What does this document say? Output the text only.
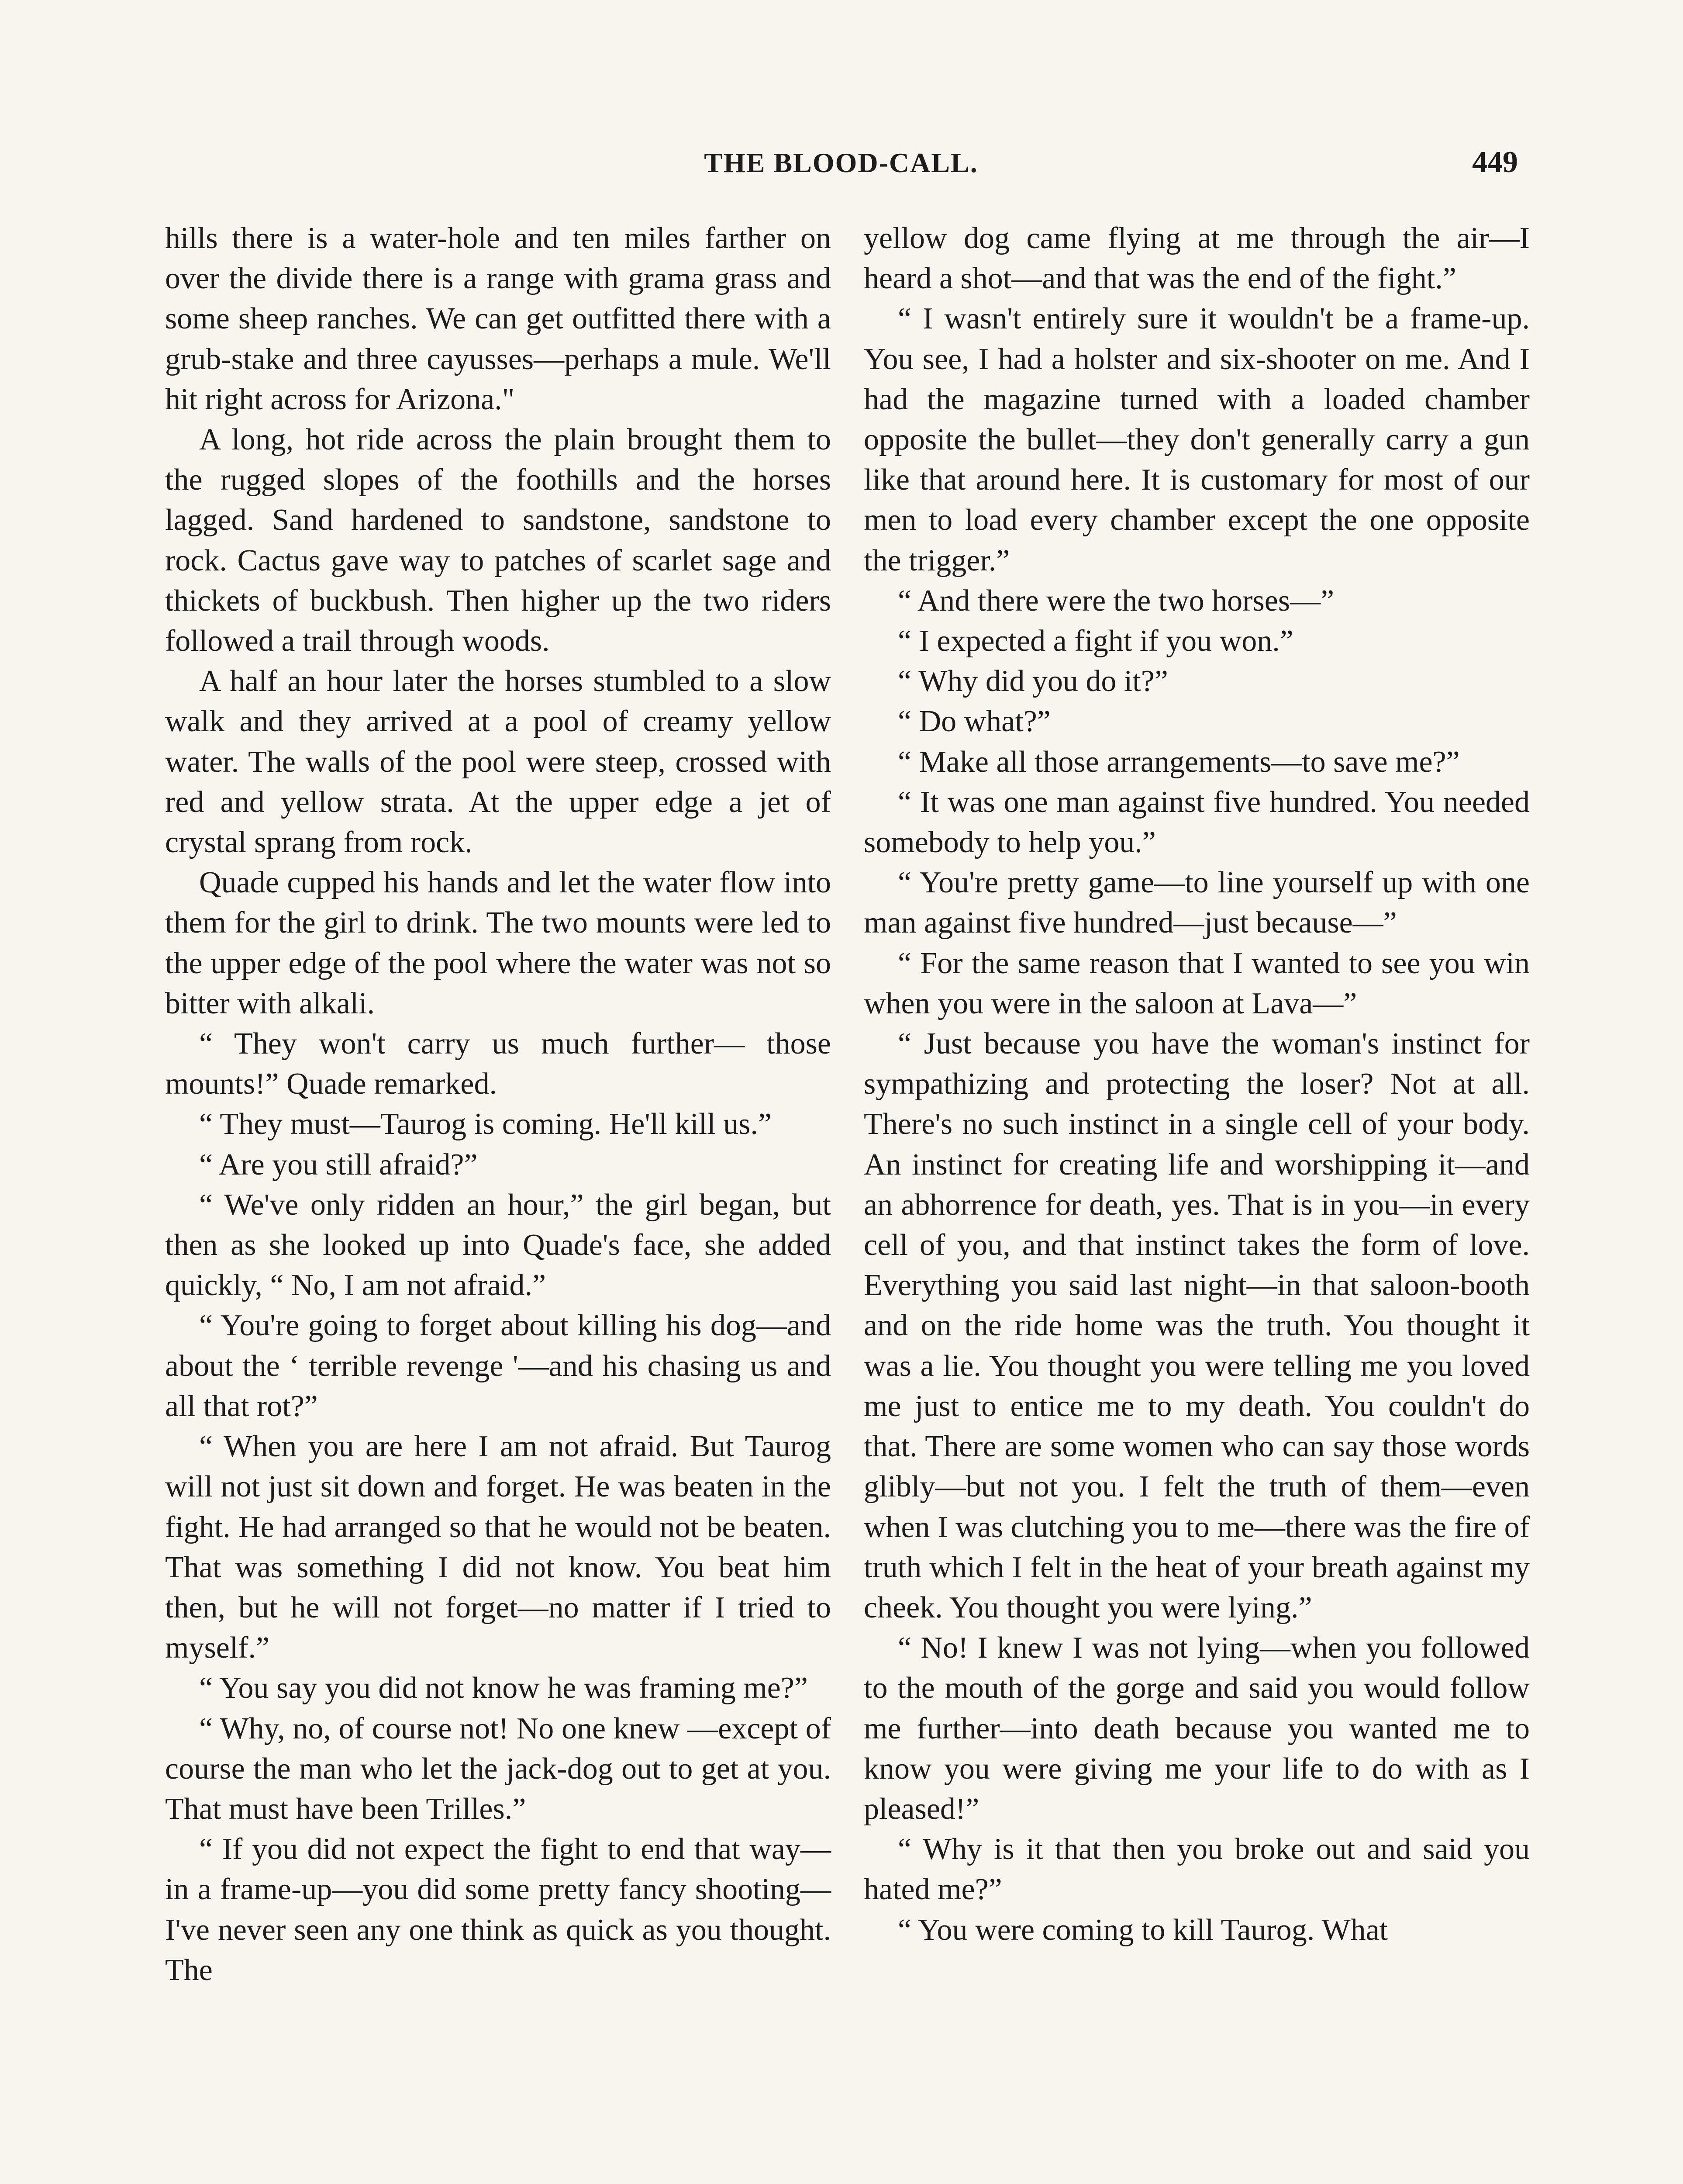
THE BLOOD-CALL.	449

hills there is a water-hole and ten miles farther on over the divide there is a range with grama grass and some sheep ranches. We can get outfitted there with a grub-stake and three cayusses—perhaps a mule. We'll hit right across for Arizona."

A long, hot ride across the plain brought them to the rugged slopes of the foothills and the horses lagged. Sand hardened to sandstone, sandstone to rock. Cactus gave way to patches of scarlet sage and thickets of buckbush. Then higher up the two riders followed a trail through woods.

A half an hour later the horses stumbled to a slow walk and they arrived at a pool of creamy yellow water. The walls of the pool were steep, crossed with red and yellow strata. At the upper edge a jet of crystal sprang from rock.

Quade cupped his hands and let the water flow into them for the girl to drink. The two mounts were led to the upper edge of the pool where the water was not so bitter with alkali.

“ They won't carry us much further— those mounts!” Quade remarked.

“ They must—Taurog is coming. He'll kill us.”

“ Are you still afraid?”

“ We've only ridden an hour,” the girl began, but then as she looked up into Quade's face, she added quickly, “ No, I am not afraid.”

“ You're going to forget about killing his dog—and about the ‘ terrible revenge '—and his chasing us and all that rot?”

“ When you are here I am not afraid. But Taurog will not just sit down and forget. He was beaten in the fight. He had arranged so that he would not be beaten. That was something I did not know. You beat him then, but he will not forget—no matter if I tried to myself.”

“ You say you did not know he was framing me?”

“ Why, no, of course not! No one knew —except of course the man who let the jack-dog out to get at you. That must have been Trilles.”

“ If you did not expect the fight to end that way—in a frame-up—you did some pretty fancy shooting—I've never seen any one think as quick as you thought. The

yellow dog came flying at me through the air—I heard a shot—and that was the end of the fight.”

“ I wasn't entirely sure it wouldn't be a frame-up. You see, I had a holster and six-shooter on me. And I had the magazine turned with a loaded chamber opposite the bullet—they don't generally carry a gun like that around here. It is customary for most of our men to load every chamber except the one opposite the trigger.”

“ And there were the two horses—”

“ I expected a fight if you won.”

“ Why did you do it?”

“ Do what?”

“ Make all those arrangements—to save me?”

“ It was one man against five hundred. You needed somebody to help you.”

“ You're pretty game—to line yourself up with one man against five hundred—just because—”

“ For the same reason that I wanted to see you win when you were in the saloon at Lava—”

“ Just because you have the woman's instinct for sympathizing and protecting the loser? Not at all. There's no such instinct in a single cell of your body. An instinct for creating life and worshipping it—and an abhorrence for death, yes. That is in you—in every cell of you, and that instinct takes the form of love. Everything you said last night—in that saloon-booth and on the ride home was the truth. You thought it was a lie. You thought you were telling me you loved me just to entice me to my death. You couldn't do that. There are some women who can say those words glibly—but not you. I felt the truth of them—even when I was clutching you to me—there was the fire of truth which I felt in the heat of your breath against my cheek. You thought you were lying.”

“ No! I knew I was not lying—when you followed to the mouth of the gorge and said you would follow me further—into death because you wanted me to know you were giving me your life to do with as I pleased!”

“ Why is it that then you broke out and said you hated me?”

“ You were coming to kill Taurog. What
